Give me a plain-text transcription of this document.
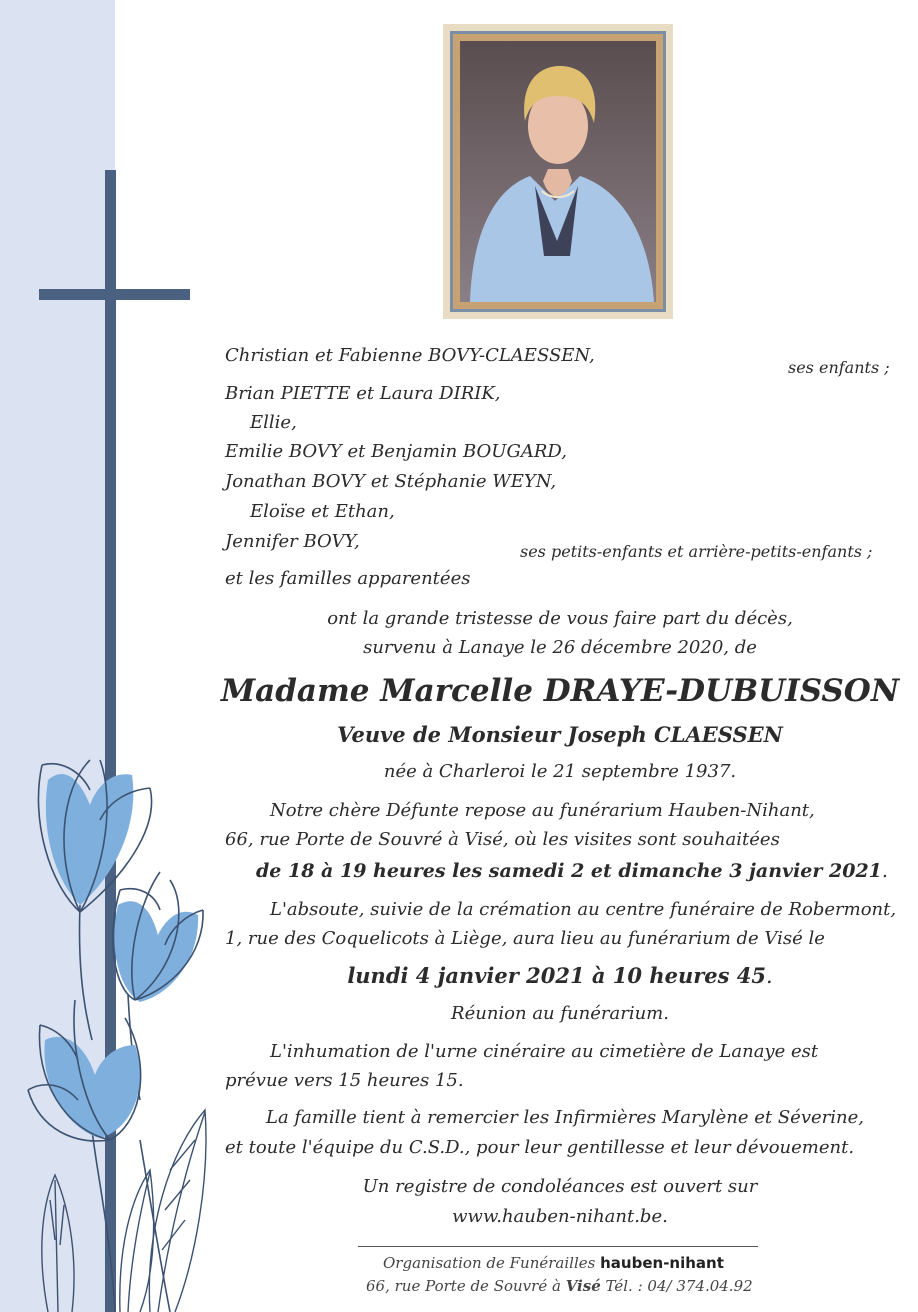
Christian et Fabienne BOVY-CLAESSEN,
ses enfants ;
Brian PIETTE et Laura DIRIK,
Ellie,
Emilie BOVY et Benjamin BOUGARD,
Jonathan BOVY et Stéphanie WEYN,
Eloïse et Ethan,
Jennifer BOVY,	ses petits-enfants et arrière-petits-enfants ;
et les familles apparentées
ont la grande tristesse de vous faire part du décès,
survenu à Lanaye le 26 décembre 2020, de
Madame Marcelle DRAYE-DUBUISSON
Veuve de Monsieur Joseph CLAESSEN
née à Charleroi le 21 septembre 1937.
Notre chère Défunte repose au funérarium Hauben-Nihant,
66, rue Porte de Souvré à Visé, où les visites sont souhaitées
de 18 à 19 heures les samedi 2 et dimanche 3 janvier 2021.
L'absoute, suivie de la crémation au centre funéraire de Robermont,
1, rue des Coquelicots à Liège, aura lieu au funérarium de Visé le
lundi 4 janvier 2021 à 10 heures 45.
Réunion au funérarium.
L'inhumation de l'urne cinéraire au cimetière de Lanaye est
prévue vers 15 heures 15.
La famille tient à remercier les Infirmières Marylène et Séverine,
et toute l'équipe du C.S.D., pour leur gentillesse et leur dévouement.
Un registre de condoléances est ouvert sur
www.hauben-nihant.be.
Organisation de Funérailles hauben-nihant
66, rue Porte de Souvré à Visé Tél. : 04/ 374.04.92
